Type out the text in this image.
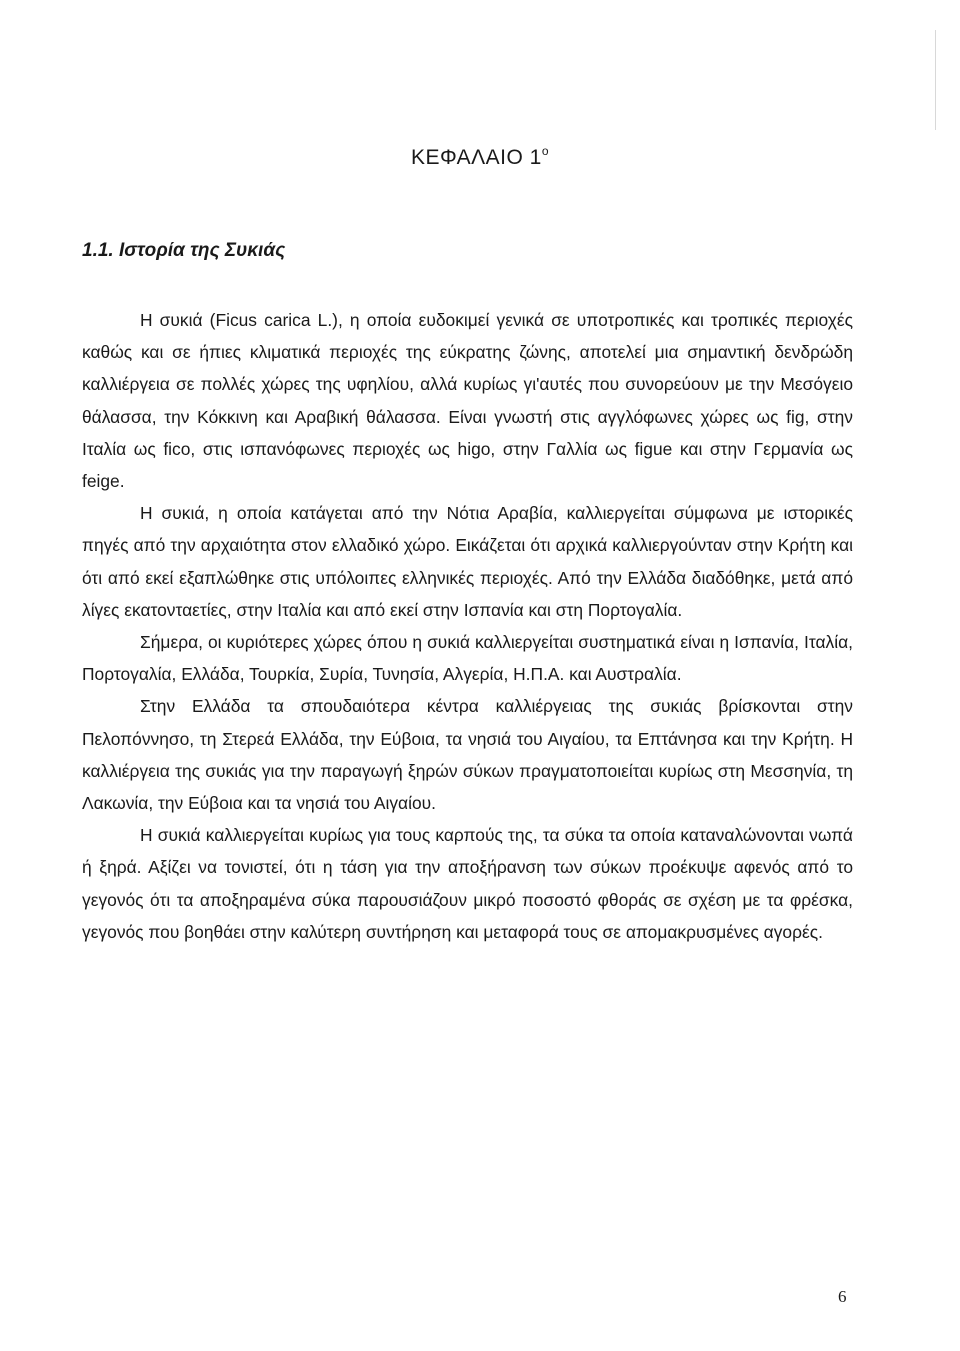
ΚΕΦΑΛΑΙΟ $1^o$
1.1. Ιστορία της Συκιάς

Η συκιά (Ficus carica L.), η οποία ευδοκιμεί γενικά σε υποτροπικές και τροπικές περιοχές καθώς και σε ήπιες κλιματικά περιοχές της εύκρατης ζώνης, αποτελεί μια σημαντική δενδρώδη καλλιέργεια σε πολλές χώρες της υφηλίου, αλλά κυρίως γι'αυτές που συνορεύουν με την Μεσόγειο θάλασσα, την Κόκκινη και Αραβική θάλασσα. Είναι γνωστή στις αγγλόφωνες χώρες ως fig, στην Ιταλία ως fico, στις ισπανόφωνες περιοχές ως higo, στην Γαλλία ως figue και στην Γερμανία ως feige.

Η συκιά, η οποία κατάγεται από την Νότια Αραβία, καλλιεργείται σύμφωνα με ιστορικές πηγές από την αρχαιότητα στον ελλαδικό χώρο. Εικάζεται ότι αρχικά καλλιεργούνταν στην Κρήτη και ότι από εκεί εξαπλώθηκε στις υπόλοιπες ελληνικές περιοχές. Από την Ελλάδα διαδόθηκε, μετά από λίγες εκατονταετίες, στην Ιταλία και από εκεί στην Ισπανία και στη Πορτογαλία.

Σήμερα, οι κυριότερες χώρες όπου η συκιά καλλιεργείται συστηματικά είναι η Ισπανία, Ιταλία, Πορτογαλία, Ελλάδα, Τουρκία, Συρία, Τυνησία, Αλγερία, Η.Π.Α. και Αυστραλία.

Στην Ελλάδα τα σπουδαιότερα κέντρα καλλιέργειας της συκιάς βρίσκονται στην Πελοπόννησο, τη Στερεά Ελλάδα, την Εύβοια, τα νησιά του Αιγαίου, τα Επτάνησα και την Κρήτη. Η καλλιέργεια της συκιάς για την παραγωγή ξηρών σύκων πραγματοποιείται κυρίως στη Μεσσηνία, τη Λακωνία, την Εύβοια και τα νησιά του Αιγαίου.

Η συκιά καλλιεργείται κυρίως για τους καρπούς της, τα σύκα τα οποία καταναλώνονται νωπά ή ξηρά. Αξίζει να τονιστεί, ότι η τάση για την αποξήρανση των σύκων προέκυψε αφενός από το γεγονός ότι τα αποξηραμένα σύκα παρουσιάζουν μικρό ποσοστό φθοράς σε σχέση με τα φρέσκα, γεγονός που βοηθάει στην καλύτερη συντήρηση και μεταφορά τους σε απομακρυσμένες αγορές.

6
